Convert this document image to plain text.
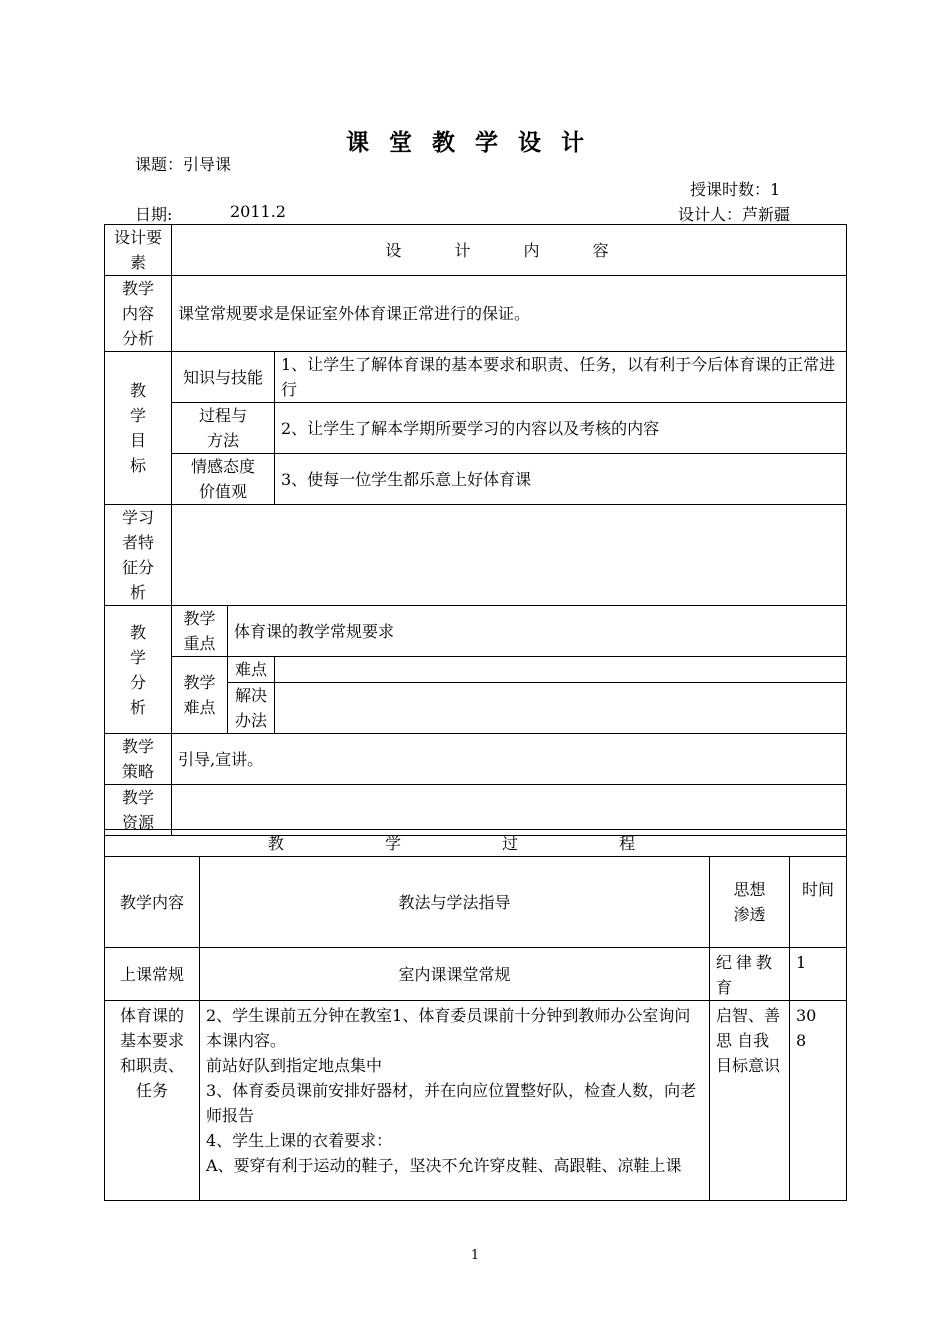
课堂教学设计
课题：引导课
授课时数：1
日期:	2011.2	设计人：芦新疆
设计要素	设 计 内 容		

教学内容分析	课堂常规要求是保证室外体育课正常进行的保证。		

教学目标	知识与技能		1、让学生了解体育课的基本要求和职责、任务，以有利于今后体育课的正常进行

	过程与方法		2、让学生了解本学期所要学习的内容以及考核的内容

	情感态度价值观		3、使每一位学生都乐意上好体育课

学习者特征分析			

教学分析	教学重点	体育课的教学常规要求	

	教学难点	难点	

		解决办法	

教学策略	引导,宣讲。		

教学资源			

教 学 过 程			
教学内容	教法与学法指导	思想渗透	时间
上课常规	室内课课堂常规	纪律教育	1

体育课的基本要求和职责、任务	2、学生课前五分钟在教室1、体育委员课前十分钟到教师办公室询问本课内容。
前站好队到指定地点集中
3、体育委员课前安排好器材，并在向应位置整好队，检查人数，向老师报告
4、学生上课的衣着要求：
A、要穿有利于运动的鞋子，坚决不允许穿皮鞋、高跟鞋、凉鞋上课	启智、善思 自我目标意识	308
1
